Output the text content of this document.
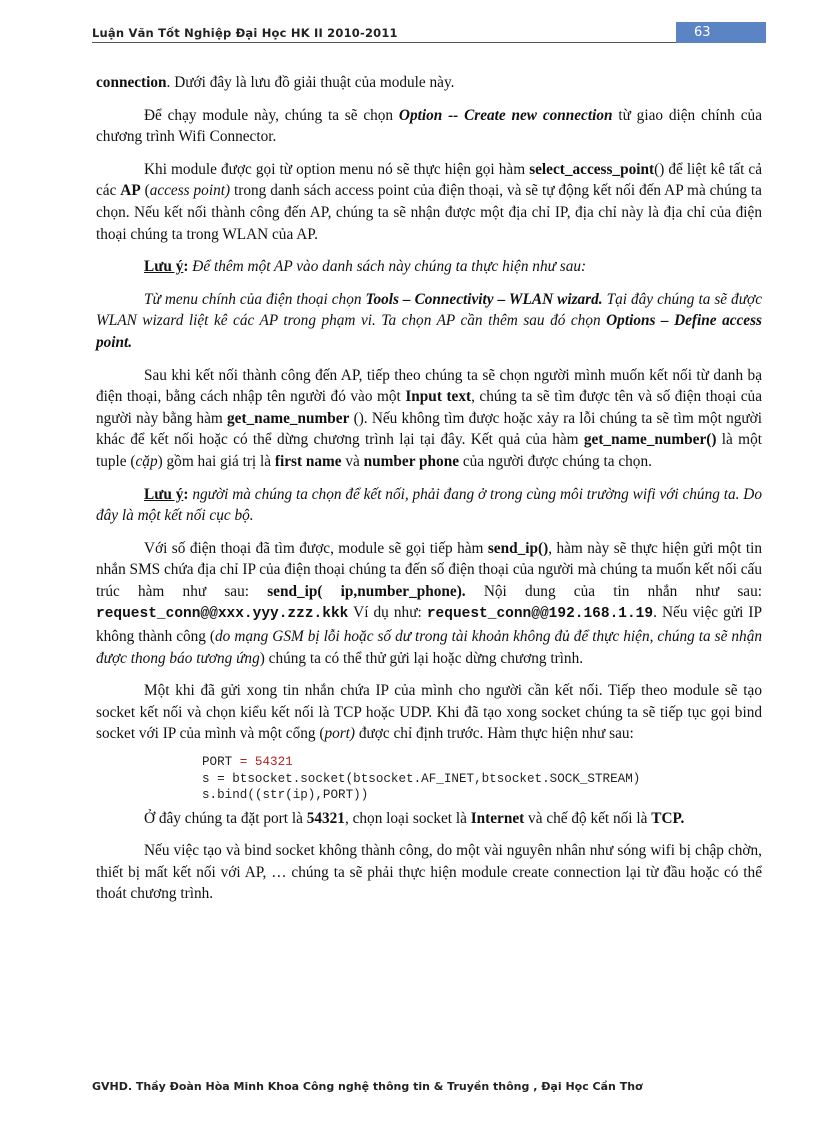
Luận Văn Tốt Nghiệp Đại Học HK II 2010-2011	63

connection. Dưới đây là lưu đồ giải thuật của module này.

Để chạy module này, chúng ta sẽ chọn Option -- Create new connection từ giao diện chính của chương trình Wifi Connector.

Khi module được gọi từ option menu nó sẽ thực hiện gọi hàm select_access_point() để liệt kê tất cả các AP (access point) trong danh sách access point của điện thoại, và sẽ tự động kết nối đến AP mà chúng ta chọn. Nếu kết nối thành công đến AP, chúng ta sẽ nhận được một địa chỉ IP, địa chỉ này là địa chỉ của điện thoại chúng ta trong WLAN của AP.

Lưu ý: Để thêm một AP vào danh sách này chúng ta thực hiện như sau:

Từ menu chính của điện thoại chọn Tools – Connectivity – WLAN wizard. Tại đây chúng ta sẽ được WLAN wizard liệt kê các AP trong phạm vi. Ta chọn AP cần thêm sau đó chọn Options – Define access point.

Sau khi kết nối thành công đến AP, tiếp theo chúng ta sẽ chọn người mình muốn kết nối từ danh bạ điện thoại, bằng cách nhập tên người đó vào một Input text, chúng ta sẽ tìm được tên và số điện thoại của người này bằng hàm get_name_number (). Nếu không tìm được hoặc xảy ra lỗi chúng ta sẽ tìm một người khác để kết nối hoặc có thể dừng chương trình lại tại đây. Kết quả của hàm get_name_number() là một tuple (cặp) gồm hai giá trị là first name và number phone của người được chúng ta chọn.

Lưu ý: người mà chúng ta chọn để kết nối, phải đang ở trong cùng môi trường wifi với chúng ta. Do đây là một kết nối cục bộ.

Với số điện thoại đã tìm được, module sẽ gọi tiếp hàm send_ip(), hàm này sẽ thực hiện gửi một tin nhắn SMS chứa địa chỉ IP của điện thoại chúng ta đến số điện thoại của người mà chúng ta muốn kết nối cấu trúc hàm như sau: send_ip( ip,number_phone). Nội dung của tin nhắn như sau: request_conn@@xxx.yyy.zzz.kkk Ví dụ như: request_conn@@192.168.1.19. Nếu việc gửi IP không thành công (do mạng GSM bị lỗi hoặc số dư trong tài khoản không đủ để thực hiện, chúng ta sẽ nhận được thong báo tương ứng) chúng ta có thể thử gửi lại hoặc dừng chương trình.

Một khi đã gửi xong tin nhắn chứa IP của mình cho người cần kết nối. Tiếp theo module sẽ tạo socket kết nối và chọn kiểu kết nối là TCP hoặc UDP. Khi đã tạo xong socket chúng ta sẽ tiếp tục gọi bind socket với IP của mình và một cổng (port) được chỉ định trước. Hàm thực hiện như sau:

PORT = 54321
s = btsocket.socket(btsocket.AF_INET,btsocket.SOCK_STREAM)
s.bind((str(ip),PORT))

Ở đây chúng ta đặt port là 54321, chọn loại socket là Internet và chế độ kết nối là TCP.

Nếu việc tạo và bind socket không thành công, do một vài nguyên nhân như sóng wifi bị chập chờn, thiết bị mất kết nối với AP, … chúng ta sẽ phải thực hiện module create connection lại từ đầu hoặc có thể thoát chương trình.

GVHD. Thầy Đoàn Hòa Minh Khoa Công nghệ thông tin & Truyền thông , Đại Học Cần Thơ
